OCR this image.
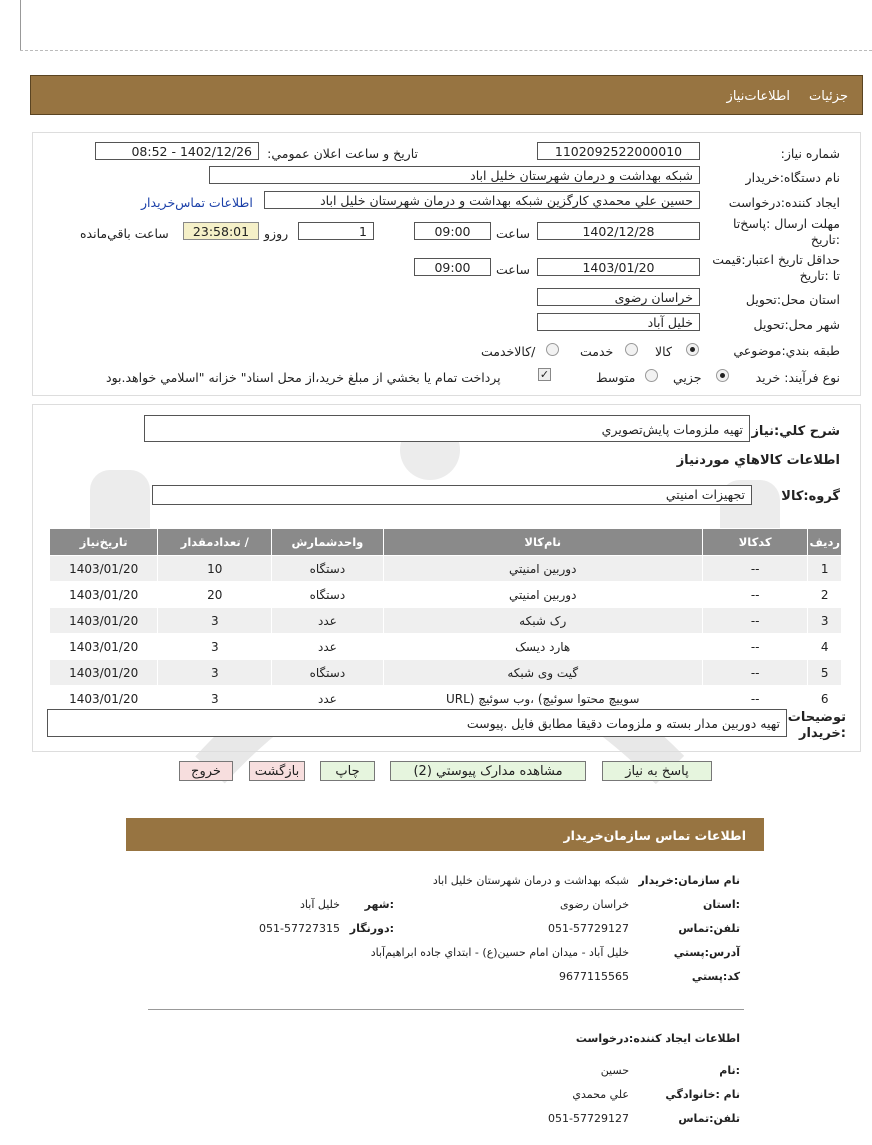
جزئيات
اطلاعات‌نياز
شماره نياز:
1102092522000010
تاريخ و ساعت اعلان عمومي:
1402/12/26 - 08:52
نام دستگاه:خريدار
شبکه بهداشت و درمان شهرستان خليل اباد
ايجاد کننده:درخواست
حسين علي محمدي کارگزين شبکه بهداشت و درمان شهرستان خليل اباد
اطلاعات تماس‌خريدار
مهلت ارسال :پاسخ‌تا :تاريخ
1402/12/28
ساعت
09:00
1
روزو
23:58:01
ساعت باقي‌مانده
حداقل تاريخ اعتبار:قيمت تا :تاريخ
1403/01/20
ساعت
09:00
استان محل:تحويل
خراسان رضوی
شهر محل:تحويل
خلیل آباد
طبقه بندي:موضوعي
کالا
خدمت
/کالاخدمت
نوع فرآيند: خريد
جزيي
متوسط
✓
پرداخت تمام يا بخشي از مبلغ خريد،از محل اسناد" خزانه "اسلامي خواهد.بود
شرح کلي:نياز
تهيه ملزومات پايش‌تصويري
اطلاعات کالاهاي موردنياز
گروه:کالا
تجهيزات امنيتي
رديف	کدکالا	نام‌کالا	واحدشمارش	/ تعدادمقدار	تاريخ‌نياز
1	--	دوربين امنيتي	دستگاه	10	1403/01/20
2	--	دوربين امنيتي	دستگاه	20	1403/01/20
3	--	رک شبکه	عدد	3	1403/01/20
4	--	هارد ديسک	عدد	3	1403/01/20
5	--	گيت وی شبکه	دستگاه	3	1403/01/20
6	--	سوييچ محتوا سوئيچ) ،وب سوئيچ (URL	عدد	3	1403/01/20
توضيحات :خريدار
تهيه دوربين مدار بسته و ملزومات دقيقا مطابق فايل .پيوست
پاسخ به نياز
مشاهده مدارک پيوستي (2)
چاپ
بازگشت
خروج
اطلاعات تماس سازمان‌خريدار
نام سازمان:خريدار
شبکه بهداشت و درمان شهرستان خليل اباد
:استان
خراسان رضوی
:شهر
خليل آباد
تلفن:تماس
051-57729127
:دورنگار
051-57727315
آدرس:پستي
خليل آباد - ميدان امام حسين(ع) - ابتداي جاده ابراهيم‌آباد
کد:پستي
9677115565
اطلاعات ايجاد کننده:درخواست
:نام
حسين
نام :خانوادگي
علي محمدي
تلفن:تماس
051-57729127
